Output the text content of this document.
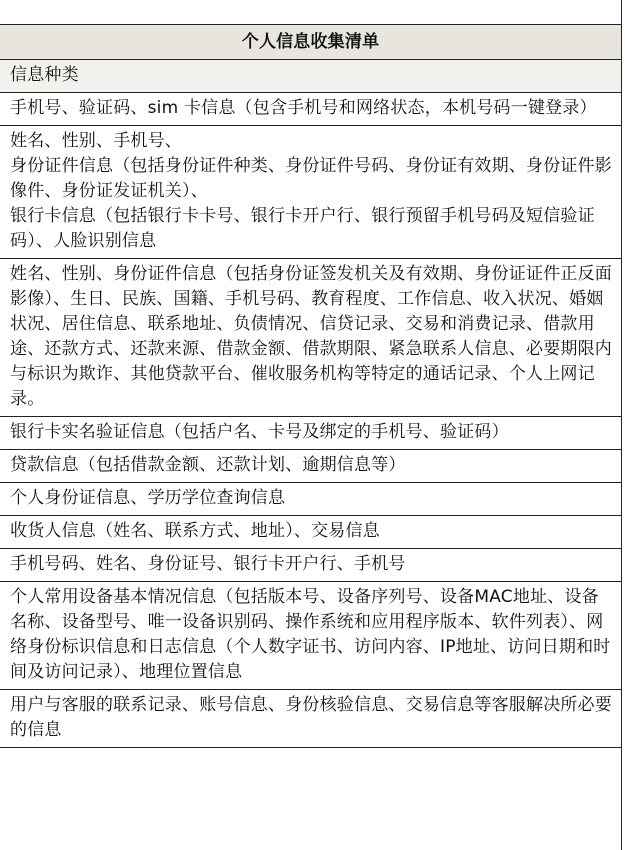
个人信息收集清单
信息种类

手机号、验证码、sim 卡信息（包含手机号和网络状态，本机号码一键登录）

姓名、性别、手机号、
身份证件信息（包括身份证件种类、身份证件号码、身份证有效期、身份证件影像件、身份证发证机关）、
银行卡信息（包括银行卡卡号、银行卡开户行、银行预留手机号码及短信验证码）、人脸识别信息

姓名、性别、身份证件信息（包括身份证签发机关及有效期、身份证证件正反面影像）、生日、民族、国籍、手机号码、教育程度、工作信息、收入状况、婚姻状况、居住信息、联系地址、负债情况、信贷记录、交易和消费记录、借款用途、还款方式、还款来源、借款金额、借款期限、紧急联系人信息、必要期限内与标识为欺诈、其他贷款平台、催收服务机构等特定的通话记录、个人上网记录。

银行卡实名验证信息（包括户名、卡号及绑定的手机号、验证码）

贷款信息（包括借款金额、还款计划、逾期信息等）

个人身份证信息、学历学位查询信息

收货人信息（姓名、联系方式、地址）、交易信息

手机号码、姓名、身份证号、银行卡开户行、手机号

个人常用设备基本情况信息（包括版本号、设备序列号、设备MAC地址、设备名称、设备型号、唯一设备识别码、操作系统和应用程序版本、软件列表）、网络身份标识信息和日志信息（个人数字证书、访问内容、IP地址、访问日期和时间及访问记录）、地理位置信息

用户与客服的联系记录、账号信息、身份核验信息、交易信息等客服解决所必要的信息
